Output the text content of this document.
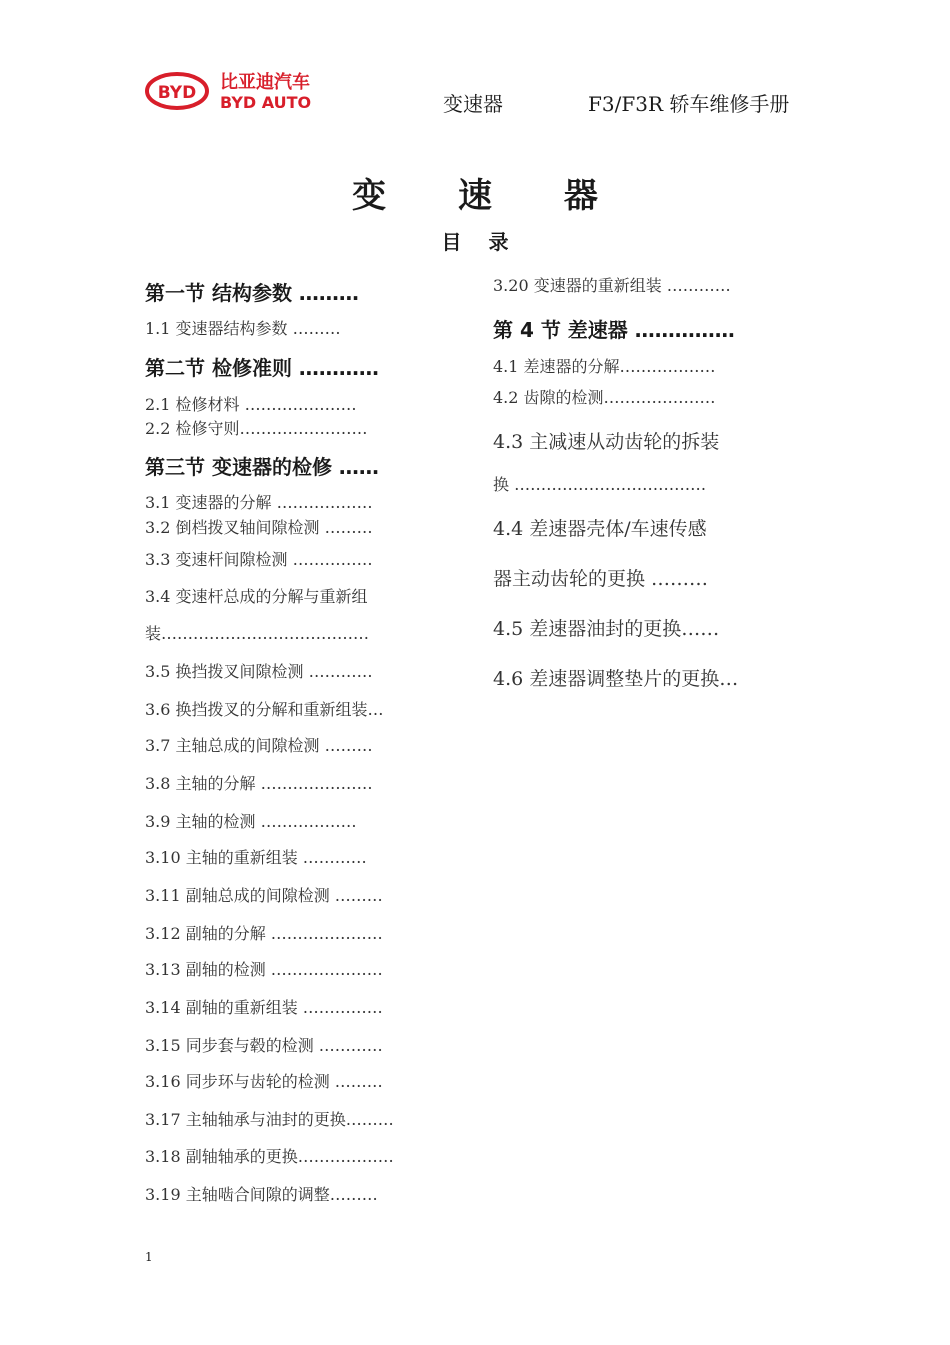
BYD 比亚迪汽车
BYD AUTO	变速器	F3/F3R 轿车维修手册
变 速 器
目 录
第一节 结构参数 ………
1.1 变速器结构参数 ………
第二节 检修准则 …………
2.1 检修材料 …………………
2.2 检修守则……………………
第三节 变速器的检修 ……
3.1 变速器的分解 ………………
3.2 倒档拨叉轴间隙检测 ………
3.3 变速杆间隙检测 ……………
3.4 变速杆总成的分解与重新组
装…………………………………
3.5 换挡拨叉间隙检测 …………
3.6 换挡拨叉的分解和重新组装…
3.7 主轴总成的间隙检测 ………
3.8 主轴的分解 …………………
3.9 主轴的检测 ………………
3.10 主轴的重新组装 …………
3.11 副轴总成的间隙检测 ………
3.12 副轴的分解 …………………
3.13 副轴的检测 …………………
3.14 副轴的重新组装 ……………
3.15 同步套与毂的检测 …………
3.16 同步环与齿轮的检测 ………
3.17 主轴轴承与油封的更换………
3.18 副轴轴承的更换………………
3.19 主轴啮合间隙的调整………
3.20 变速器的重新组装 …………
第 4 节 差速器 ……………
4.1 差速器的分解………………
4.2 齿隙的检测…………………
4.3 主减速从动齿轮的拆装
换 ………………………………
4.4 差速器壳体/车速传感
器主动齿轮的更换 ………
4.5 差速器油封的更换……
4.6 差速器调整垫片的更换…
1
